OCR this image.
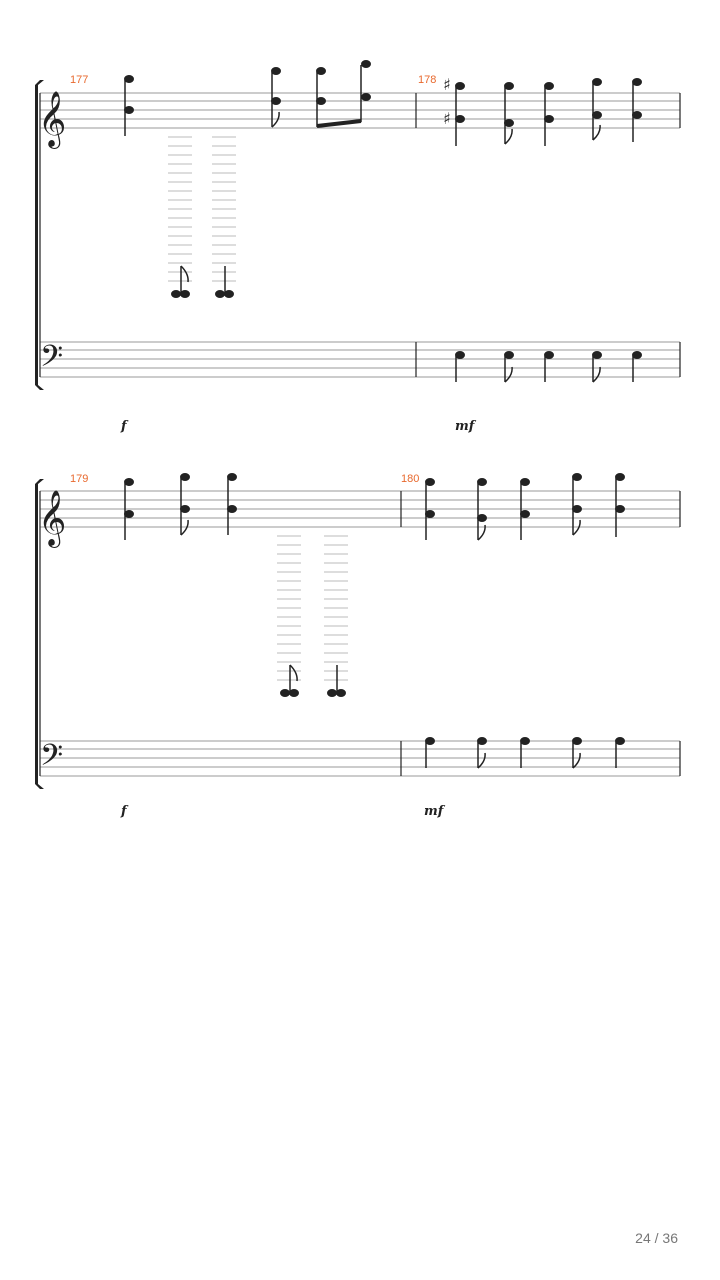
𝄞
𝄢
177	178 ♯
♯
f	mf
𝄞
𝄢
179	180
f	mf
24 / 36
